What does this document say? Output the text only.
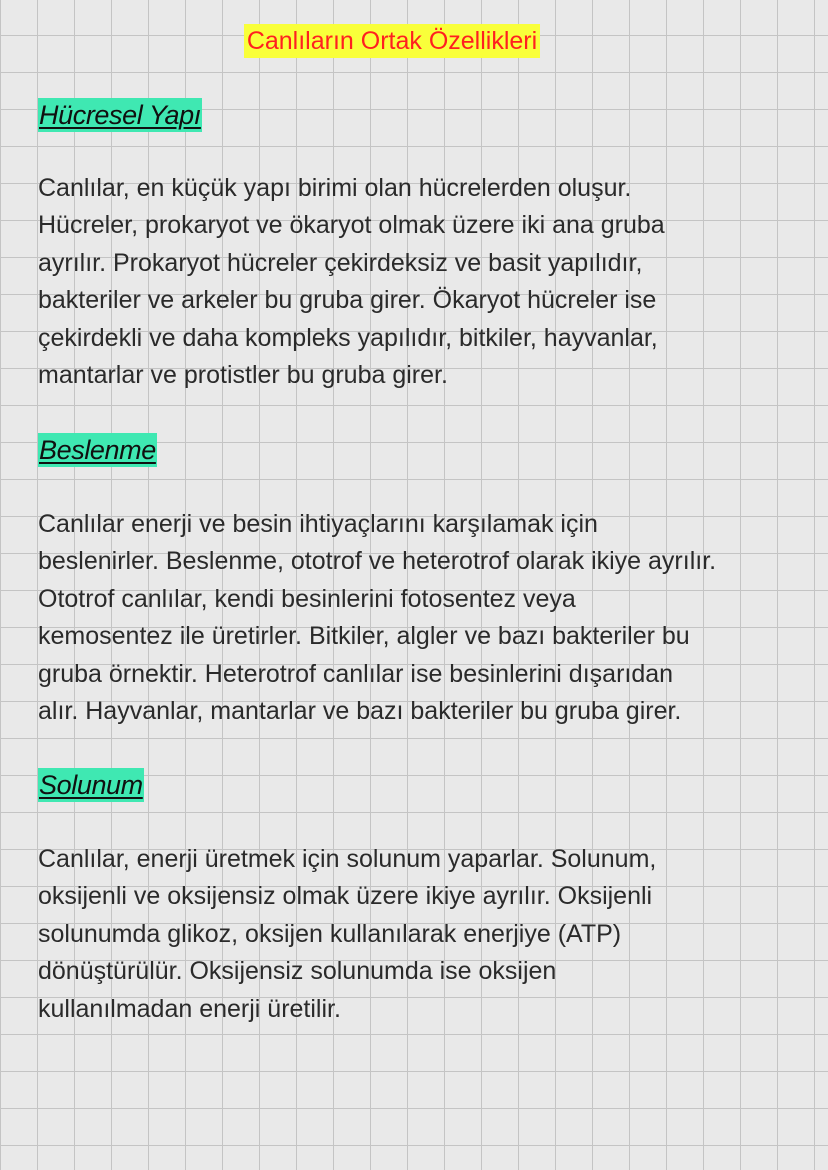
Canlıların Ortak Özellikleri
Hücresel Yapı
Canlılar, en küçük yapı birimi olan hücrelerden oluşur.
Hücreler, prokaryot ve ökaryot olmak üzere iki ana gruba
ayrılır. Prokaryot hücreler çekirdeksiz ve basit yapılıdır,
bakteriler ve arkeler bu gruba girer. Ökaryot hücreler ise
çekirdekli ve daha kompleks yapılıdır, bitkiler, hayvanlar,
mantarlar ve protistler bu gruba girer.
Beslenme
Canlılar enerji ve besin ihtiyaçlarını karşılamak için
beslenirler. Beslenme, ototrof ve heterotrof olarak ikiye ayrılır.
Ototrof canlılar, kendi besinlerini fotosentez veya
kemosentez ile üretirler. Bitkiler, algler ve bazı bakteriler bu
gruba örnektir. Heterotrof canlılar ise besinlerini dışarıdan
alır. Hayvanlar, mantarlar ve bazı bakteriler bu gruba girer.
Solunum
Canlılar, enerji üretmek için solunum yaparlar. Solunum,
oksijenli ve oksijensiz olmak üzere ikiye ayrılır. Oksijenli
solunumda glikoz, oksijen kullanılarak enerjiye (ATP)
dönüştürülür. Oksijensiz solunumda ise oksijen
kullanılmadan enerji üretilir.
